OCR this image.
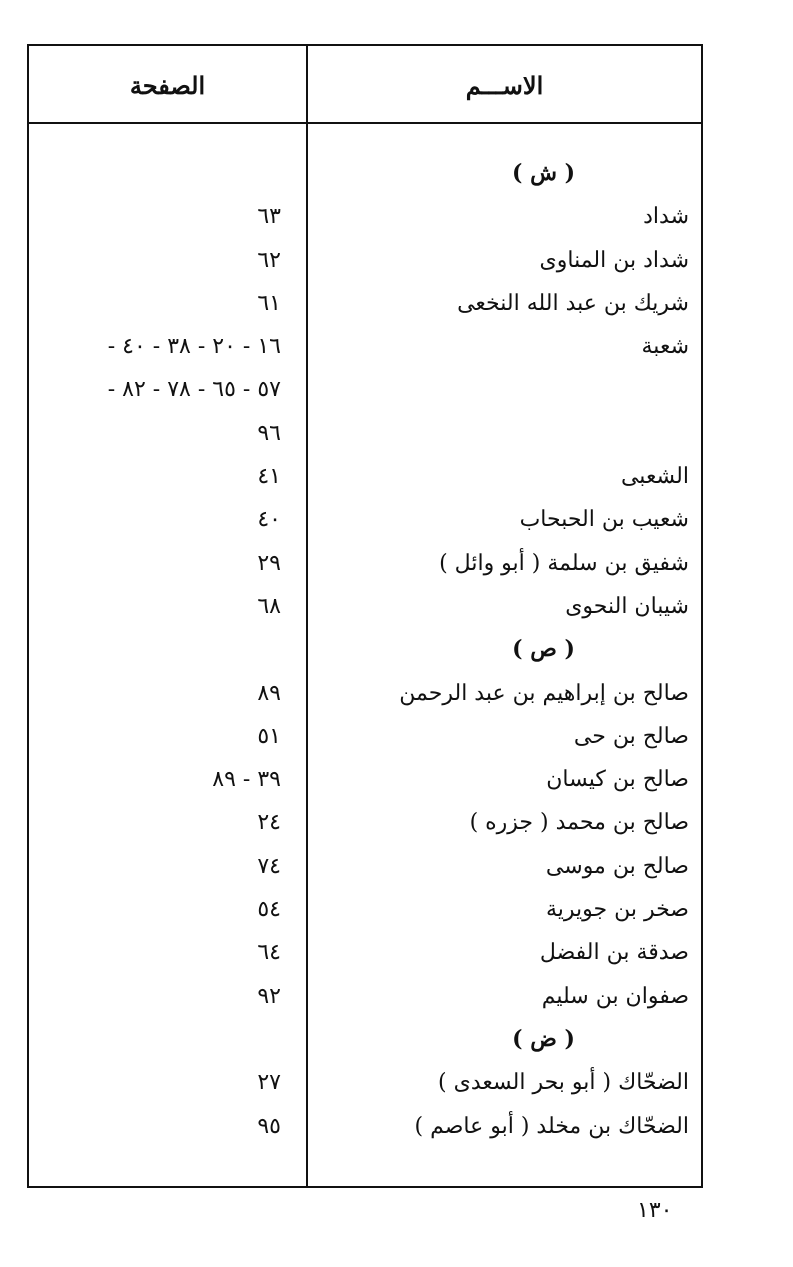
الاســـم
الصفحة
( ش )
شداد
٦٣
شداد بن المناوى
٦٢
شريك بن عبد الله النخعى
٦١
شعبة
١٦ - ٢٠ - ٣٨ - ٤٠ -
٥٧ - ٦٥ - ٧٨ - ٨٢ -
٩٦
الشعبى
٤١
شعيب بن الحبحاب
٤٠
شفيق بن سلمة ( أبو وائل )
٢٩
شيبان النحوى
٦٨
( ص )
صالح بن إبراهيم بن عبد الرحمن
٨٩
صالح بن حى
٥١
صالح بن كيسان
٣٩ - ٨٩
صالح بن محمد ( جزره )
٢٤
صالح بن موسى
٧٤
صخر بن جويرية
٥٤
صدقة بن الفضل
٦٤
صفوان بن سليم
٩٢
( ض )
الضحّاك ( أبو بحر السعدى )
٢٧
الضحّاك بن مخلد ( أبو عاصم )
٩٥
١٣٠
